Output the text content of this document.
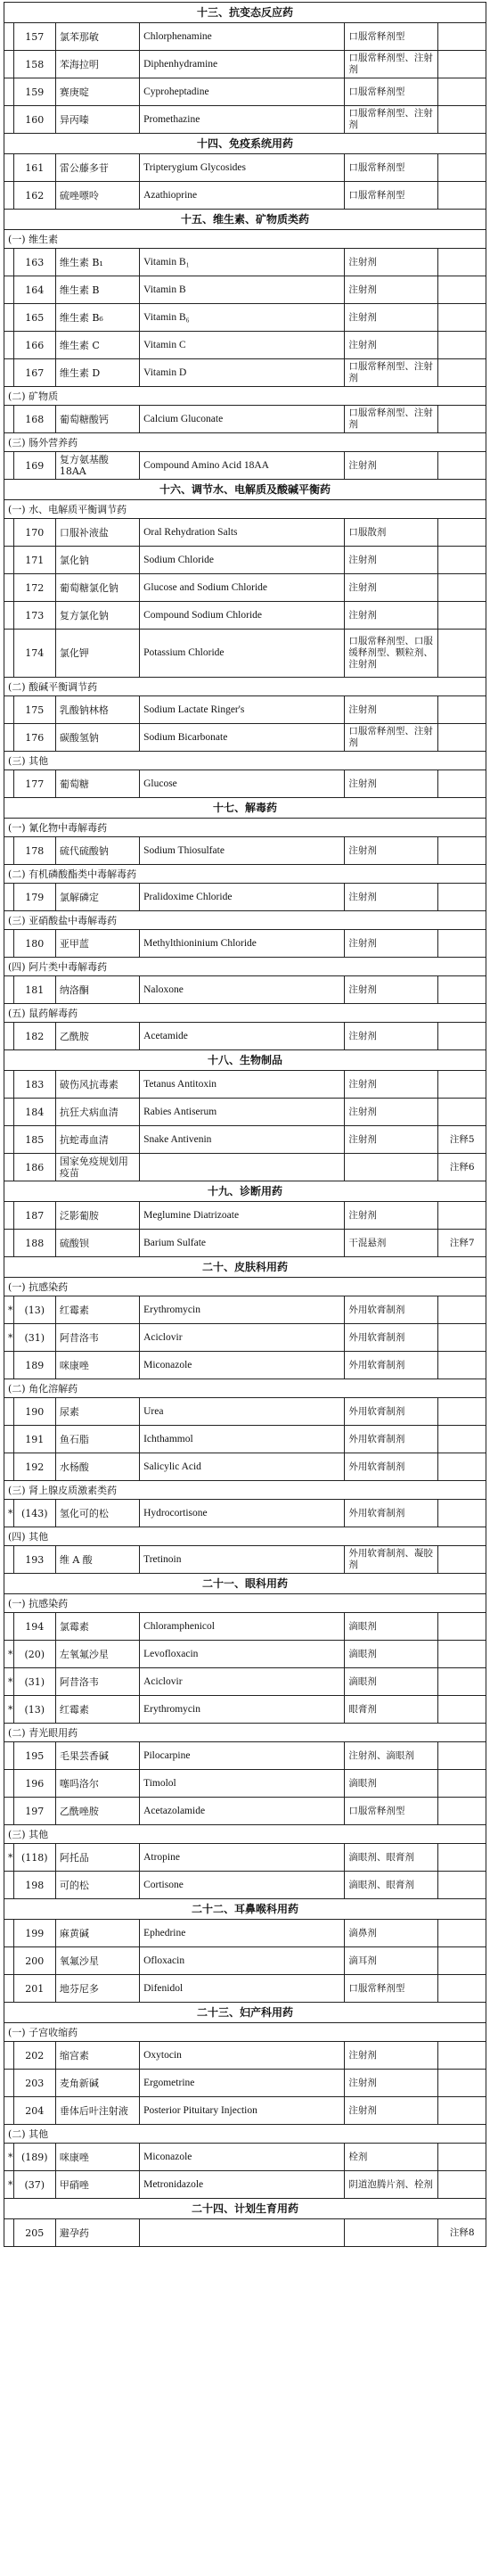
十三、抗变态反应药					
	157	氯苯那敏	Chlorphenamine	口服常释剂型	
	158	苯海拉明	Diphenhydramine	口服常释剂型、注射剂	
	159	赛庚啶	Cyproheptadine	口服常释剂型	
	160	异丙嗪	Promethazine	口服常释剂型、注射剂	
十四、免疫系统用药					
	161	雷公藤多苷	Tripterygium Glycosides	口服常释剂型	
	162	硫唑嘌呤	Azathioprine	口服常释剂型	
十五、维生素、矿物质类药					
(一) 维生素					
	163	维生素 B₁	Vitamin B₁	注射剂	
	164	维生素 B	Vitamin B	注射剂	
	165	维生素 B₆	Vitamin B₆	注射剂	
	166	维生素 C	Vitamin C	注射剂	
	167	维生素 D	Vitamin D	口服常释剂型、注射剂	
(二) 矿物质					
	168	葡萄糖酸钙	Calcium Gluconate	口服常释剂型、注射剂	
(三) 肠外营养药					
	169	复方氨基酸 18AA	Compound Amino Acid 18AA	注射剂	
十六、调节水、电解质及酸碱平衡药					
(一) 水、电解质平衡调节药					
	170	口服补液盐	Oral Rehydration Salts	口服散剂	
	171	氯化钠	Sodium Chloride	注射剂	
	172	葡萄糖氯化钠	Glucose and Sodium Chloride	注射剂	
	173	复方氯化钠	Compound Sodium Chloride	注射剂	
	174	氯化钾	Potassium Chloride	口服常释剂型、口服缓释剂型、颗粒剂、注射剂	
(二) 酸碱平衡调节药					
	175	乳酸钠林格	Sodium Lactate Ringer's	注射剂	
	176	碳酸氢钠	Sodium Bicarbonate	口服常释剂型、注射剂	
(三) 其他					
	177	葡萄糖	Glucose	注射剂	
十七、解毒药					
(一) 氰化物中毒解毒药					
	178	硫代硫酸钠	Sodium Thiosulfate	注射剂	
(二) 有机磷酸酯类中毒解毒药					
	179	氯解磷定	Pralidoxime Chloride	注射剂	
(三) 亚硝酸盐中毒解毒药					
	180	亚甲蓝	Methylthioninium Chloride	注射剂	
(四) 阿片类中毒解毒药					
	181	纳洛酮	Naloxone	注射剂	
(五) 鼠药解毒药					
	182	乙酰胺	Acetamide	注射剂	
十八、生物制品					
	183	破伤风抗毒素	Tetanus Antitoxin	注射剂	
	184	抗狂犬病血清	Rabies Antiserum	注射剂	
	185	抗蛇毒血清	Snake Antivenin	注射剂	注释5
	186	国家免疫规划用疫苗			注释6
十九、诊断用药					
	187	泛影葡胺	Meglumine Diatrizoate	注射剂	
	188	硫酸钡	Barium Sulfate	干混悬剂	注释7
二十、皮肤科用药					
(一) 抗感染药					
*	(13)	红霉素	Erythromycin	外用软膏制剂	
*	(31)	阿昔洛韦	Aciclovir	外用软膏制剂	
	189	咪康唑	Miconazole	外用软膏制剂	
(二) 角化溶解药					
	190	尿素	Urea	外用软膏制剂	
	191	鱼石脂	Ichthammol	外用软膏制剂	
	192	水杨酸	Salicylic Acid	外用软膏制剂	
(三) 肾上腺皮质激素类药					
*	(143)	氢化可的松	Hydrocortisone	外用软膏制剂	
(四) 其他					
	193	维 A 酸	Tretinoin	外用软膏制剂、凝胶剂	
二十一、眼科用药					
(一) 抗感染药					
	194	氯霉素	Chloramphenicol	滴眼剂	
*	(20)	左氧氟沙星	Levofloxacin	滴眼剂	
*	(31)	阿昔洛韦	Aciclovir	滴眼剂	
*	(13)	红霉素	Erythromycin	眼膏剂	
(二) 青光眼用药					
	195	毛果芸香碱	Pilocarpine	注射剂、滴眼剂	
	196	噻吗洛尔	Timolol	滴眼剂	
	197	乙酰唑胺	Acetazolamide	口服常释剂型	
(三) 其他					
*	(118)	阿托品	Atropine	滴眼剂、眼膏剂	
	198	可的松	Cortisone	滴眼剂、眼膏剂	
二十二、耳鼻喉科用药					
	199	麻黄碱	Ephedrine	滴鼻剂	
	200	氧氟沙星	Ofloxacin	滴耳剂	
	201	地芬尼多	Difenidol	口服常释剂型	
二十三、妇产科用药					
(一) 子宫收缩药					
	202	缩宫素	Oxytocin	注射剂	
	203	麦角新碱	Ergometrine	注射剂	
	204	垂体后叶注射液	Posterior Pituitary Injection	注射剂	
(二) 其他					
*	(189)	咪康唑	Miconazole	栓剂	
*	(37)	甲硝唑	Metronidazole	阴道泡腾片剂、栓剂	
二十四、计划生育用药					
	205	避孕药			注释8
